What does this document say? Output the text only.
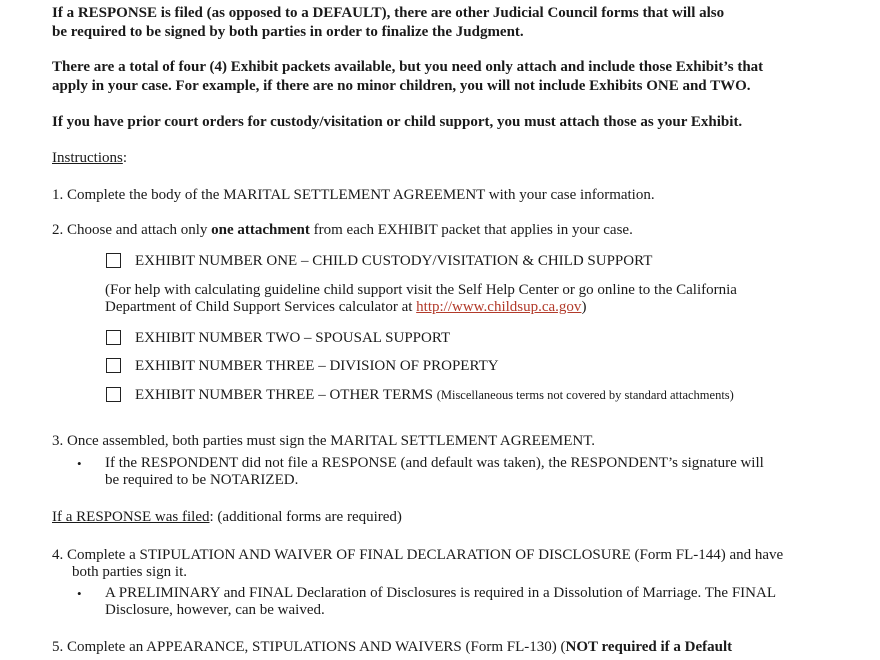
If a RESPONSE is filed (as opposed to a DEFAULT), there are other Judicial Council forms that will also

be required to be signed by both parties in order to finalize the Judgment.

There are a total of four (4) Exhibit packets available, but you need only attach and include those Exhibit’s that

apply in your case. For example, if there are no minor children, you will not include Exhibits ONE and TWO.

If you have prior court orders for custody/visitation or child support, you must attach those as your Exhibit.

Instructions:

1. Complete the body of the MARITAL SETTLEMENT AGREEMENT with your case information.

2. Choose and attach only one attachment from each EXHIBIT packet that applies in your case.

EXHIBIT NUMBER ONE – CHILD CUSTODY/VISITATION & CHILD SUPPORT

(For help with calculating guideline child support visit the Self Help Center or go online to the California

Department of Child Support Services calculator at http://www.childsup.ca.gov)

EXHIBIT NUMBER TWO – SPOUSAL SUPPORT

EXHIBIT NUMBER THREE – DIVISION OF PROPERTY

EXHIBIT NUMBER THREE – OTHER TERMS (Miscellaneous terms not covered by standard attachments)

3. Once assembled, both parties must sign the MARITAL SETTLEMENT AGREEMENT.

• If the RESPONDENT did not file a RESPONSE (and default was taken), the RESPONDENT’s signature will

be required to be NOTARIZED.

If a RESPONSE was filed: (additional forms are required)

4. Complete a STIPULATION AND WAIVER OF FINAL DECLARATION OF DISCLOSURE (Form FL-144) and have

both parties sign it.

• A PRELIMINARY and FINAL Declaration of Disclosures is required in a Dissolution of Marriage. The FINAL

Disclosure, however, can be waived.

5. Complete an APPEARANCE, STIPULATIONS AND WAIVERS (Form FL-130) (NOT required if a Default
